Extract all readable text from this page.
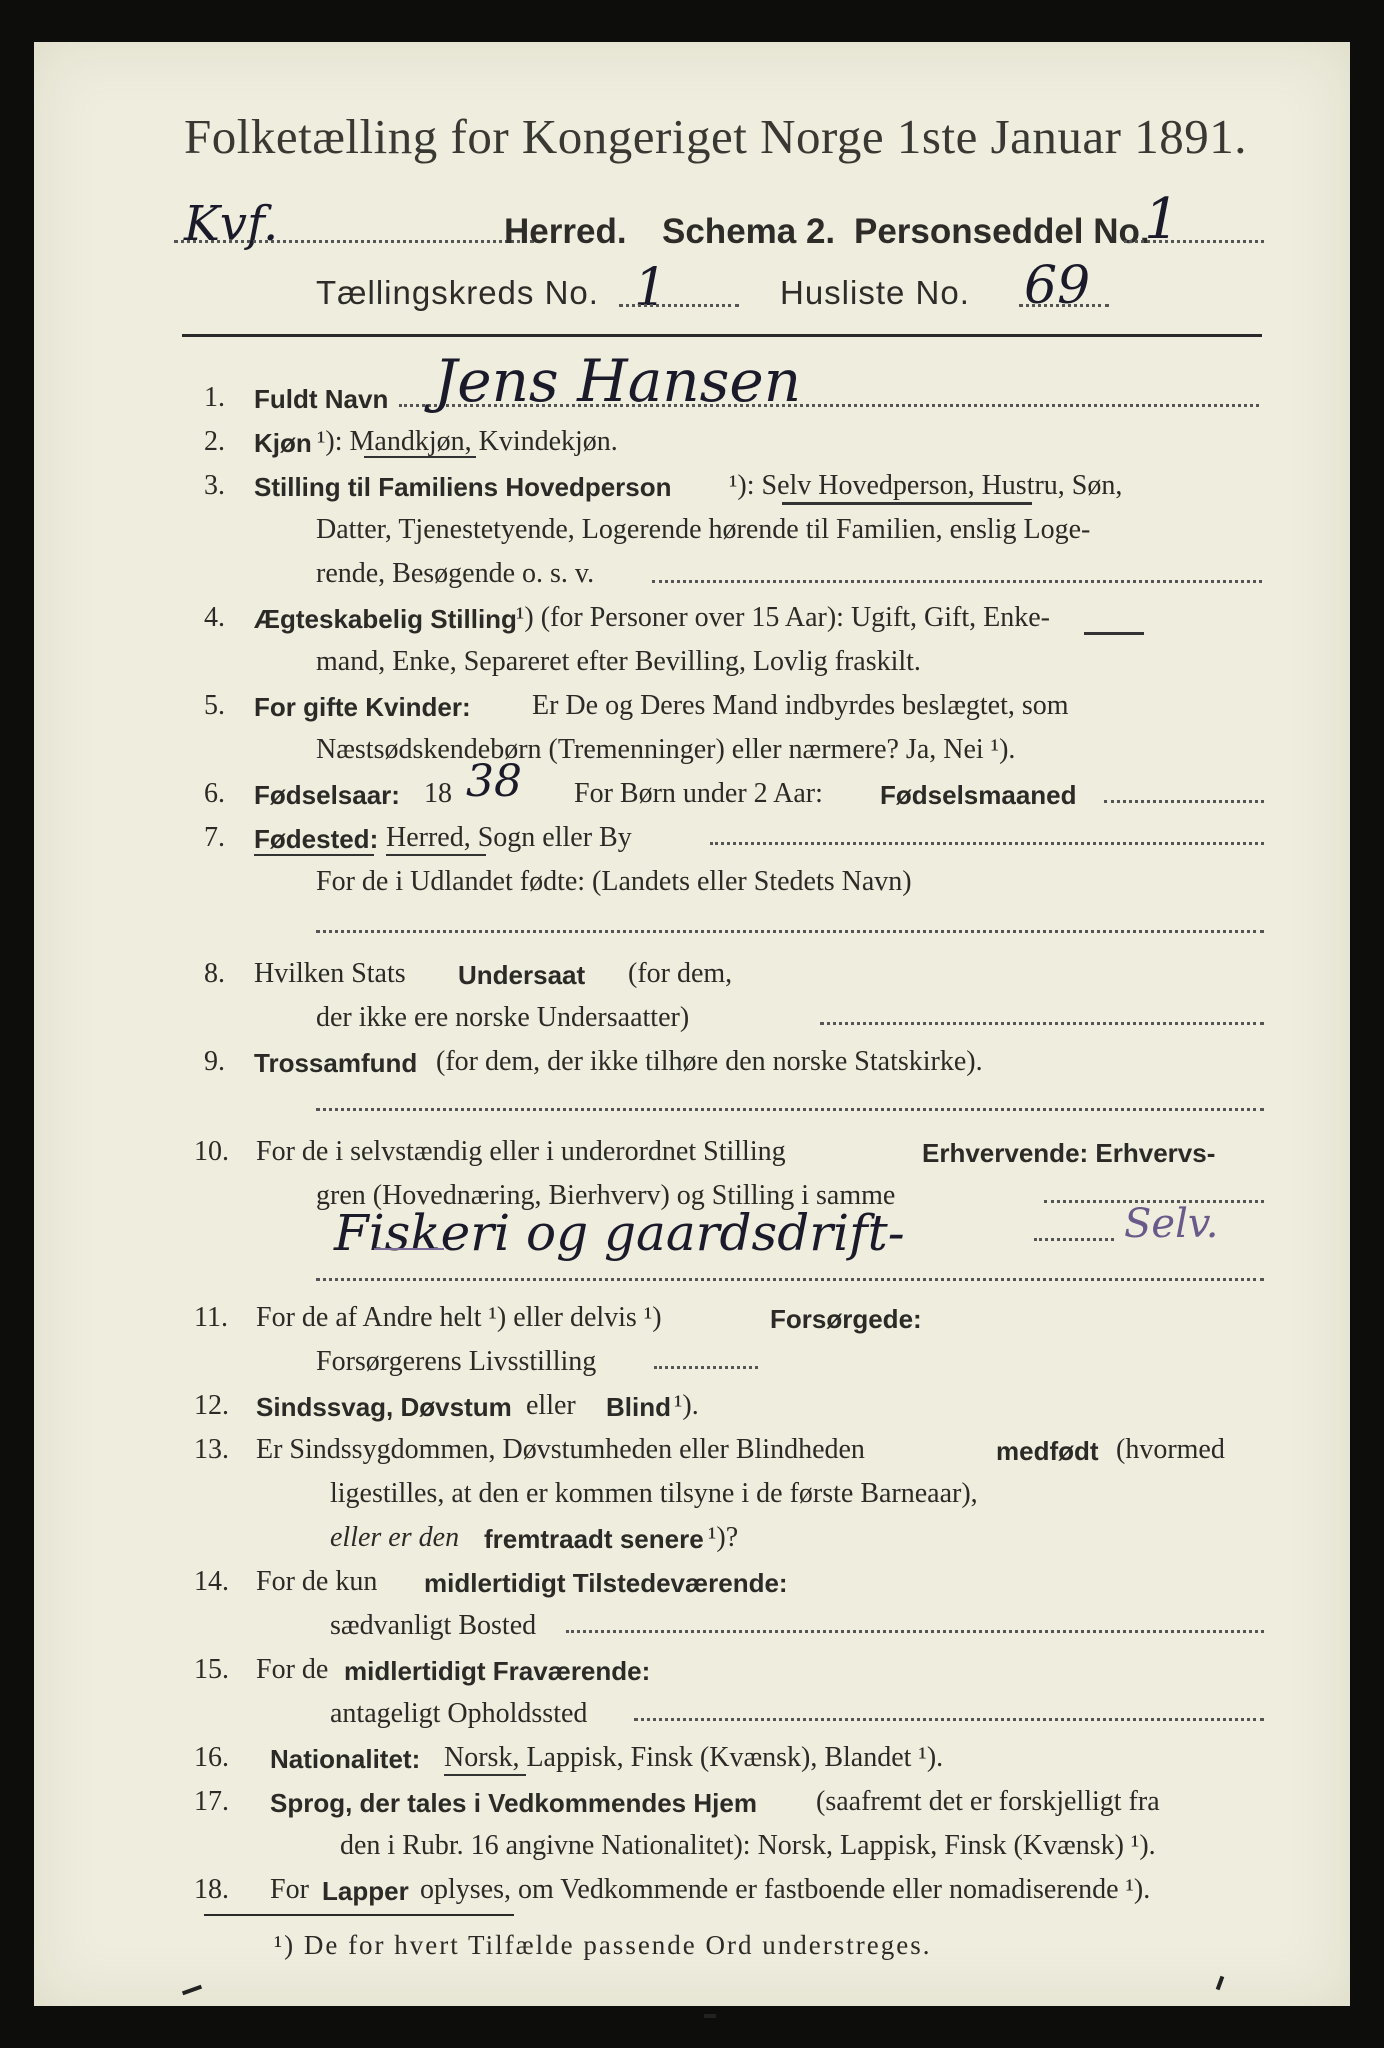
Folketælling for Kongeriget Norge 1ste Januar 1891.
Kvf.	Herred. Schema 2. Personseddel No.
1
Tællingskreds No. 1	Husliste No. 69
1. Fuldt Navn Jens Hansen
2. Kjøn ¹): Mandkjøn, Kvindekjøn.
3. Stilling til Familiens Hovedperson ¹): Selv Hovedperson, Hustru, Søn,
Datter, Tjenestetyende, Logerende hørende til Familien, enslig Loge-
rende, Besøgende o. s. v.
4. Ægteskabelig Stilling ¹) (for Personer over 15 Aar): Ugift, Gift, Enke-
mand, Enke, Separeret efter Bevilling, Lovlig fraskilt.
5. For gifte Kvinder: Er De og Deres Mand indbyrdes beslægtet, som
Næstsødskendebørn (Tremenninger) eller nærmere? Ja, Nei ¹).
6. Fødselsaar: 18 38 For Børn under 2 Aar: Fødselsmaaned
7. Fødested: Herred, Sogn eller By
For de i Udlandet fødte: (Landets eller Stedets Navn)
8. Hvilken Stats Undersaat (for dem,
der ikke ere norske Undersaatter)
9. Trossamfund (for dem, der ikke tilhøre den norske Statskirke).
10. For de i selvstændig eller i underordnet Stilling	Erhvervende: Erhvervs-
gren (Hovednæring, Bierhverv) og Stilling i samme
Fiskeri og gaardsdrift-	Selv.
11. For de af Andre helt ¹) eller delvis ¹)	Forsørgede:
Forsørgerens Livsstilling
12. Sindssvag, Døvstum eller Blind ¹).
13. Er Sindssygdommen, Døvstumheden eller Blindheden	medfødt (hvormed
ligestilles, at den er kommen tilsyne i de første Barneaar),
eller er den fremtraadt senere ¹)?
14. For de kun midlertidigt Tilstedeværende:
sædvanligt Bosted
15. For de midlertidigt Fraværende:
antageligt Opholdssted
16. Nationalitet: Norsk, Lappisk, Finsk (Kvænsk), Blandet ¹).
17. Sprog, der tales i Vedkommendes Hjem (saafremt det er forskjelligt fra
den i Rubr. 16 angivne Nationalitet): Norsk, Lappisk, Finsk (Kvænsk) ¹).
18. For Lapper oplyses, om Vedkommende er fastboende eller nomadiserende ¹).
¹) De for hvert Tilfælde passende Ord understreges.
